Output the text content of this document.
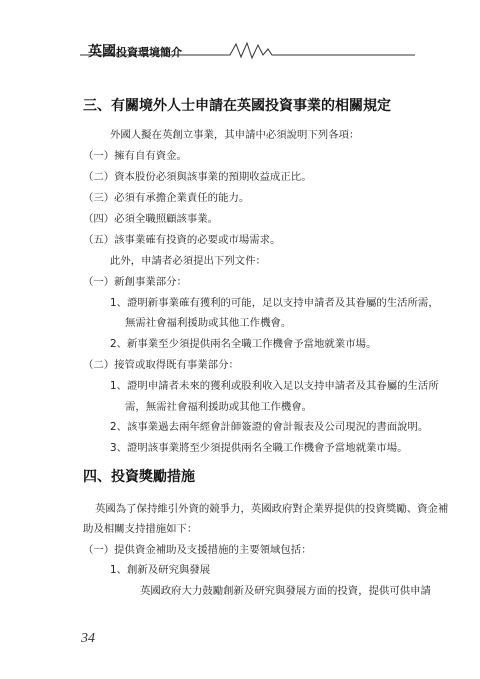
英國投資環境簡介
三、有關境外人士申請在英國投資事業的相關規定
外國人擬在英創立事業，其申請中必須說明下列各項：
（一）擁有自有資金。
（二）資本股份必須與該事業的預期收益成正比。
（三）必須有承擔企業責任的能力。
（四）必須全職照顧該事業。
（五）該事業確有投資的必要或市場需求。
此外，申請者必須提出下列文件：
（一）新創事業部分：
1、證明新事業確有獲利的可能，足以支持申請者及其眷屬的生活所需，
無需社會福利援助或其他工作機會。
2、新事業至少須提供兩名全職工作機會予當地就業市場。
（二）接管或取得既有事業部分：
1、證明申請者未來的獲利或股利收入足以支持申請者及其眷屬的生活所
需，無需社會福利援助或其他工作機會。
2、該事業過去兩年經會計師簽證的會計報表及公司現況的書面說明。
3、證明該事業將至少須提供兩名全職工作機會予當地就業市場。
四、投資獎勵措施
英國為了保持維引外資的競爭力，英國政府對企業界提供的投資獎勵、資金補
助及相關支持措施如下：
（一）提供資金補助及支援措施的主要領域包括：
1、創新及研究與發展
英國政府大力鼓勵創新及研究與發展方面的投資，提供可供申請
34
